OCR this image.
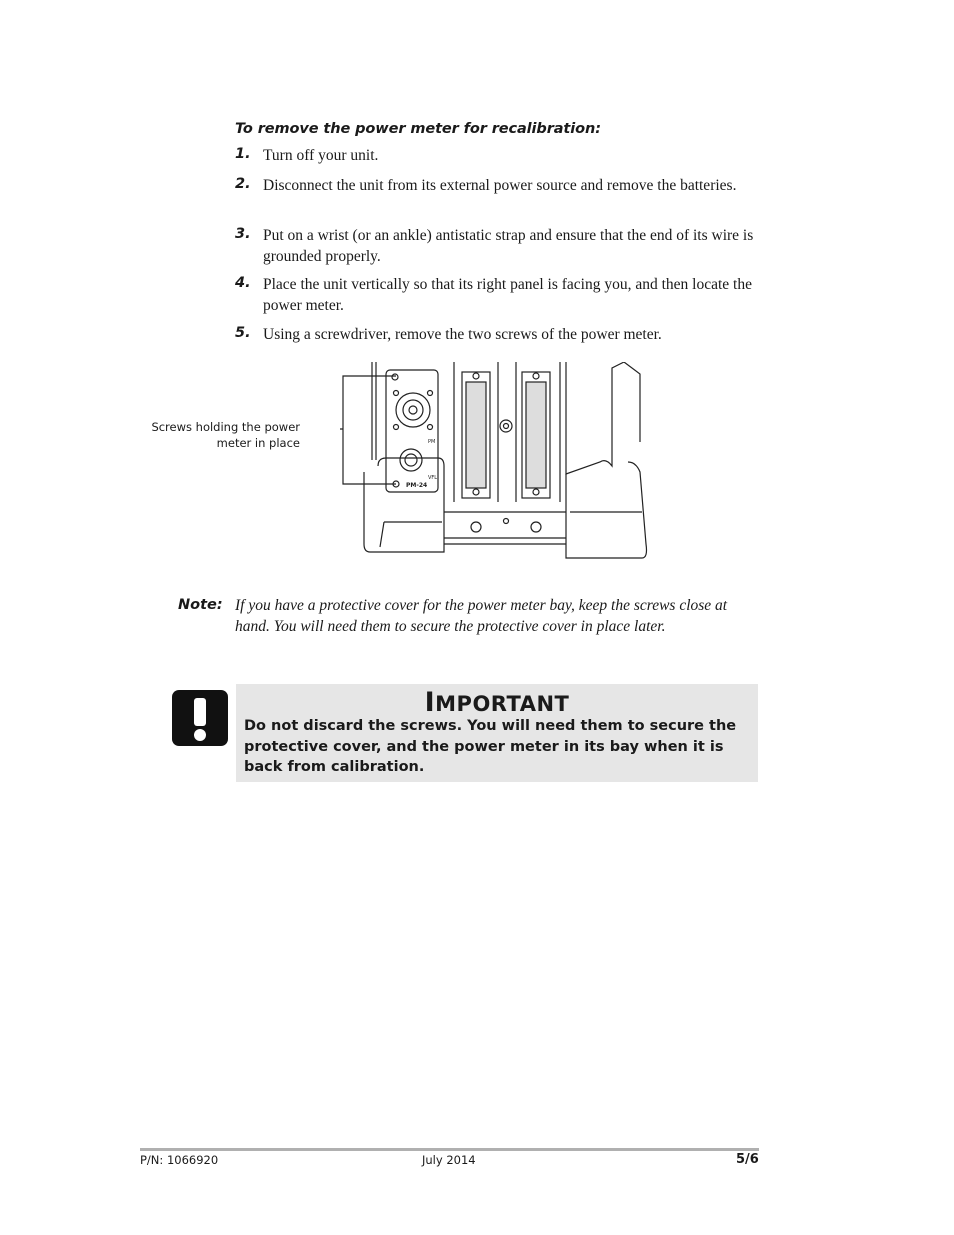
To remove the power meter for recalibration:
1. Turn off your unit.
2. Disconnect the unit from its external power source and remove the batteries.
3. Put on a wrist (or an ankle) antistatic strap and ensure that the end of its wire is grounded properly.
4. Place the unit vertically so that its right panel is facing you, and then locate the power meter.
5. Using a screwdriver, remove the two screws of the power meter.
Screws holding the power
meter in place	PM
VFL
PM-24
Note: If you have a protective cover for the power meter bay, keep the screws close at hand. You will need them to secure the protective cover in place later.
IMPORTANT
Do not discard the screws. You will need them to secure the protective cover, and the power meter in its bay when it is back from calibration.
P/N: 1066920	July 2014	5/6
